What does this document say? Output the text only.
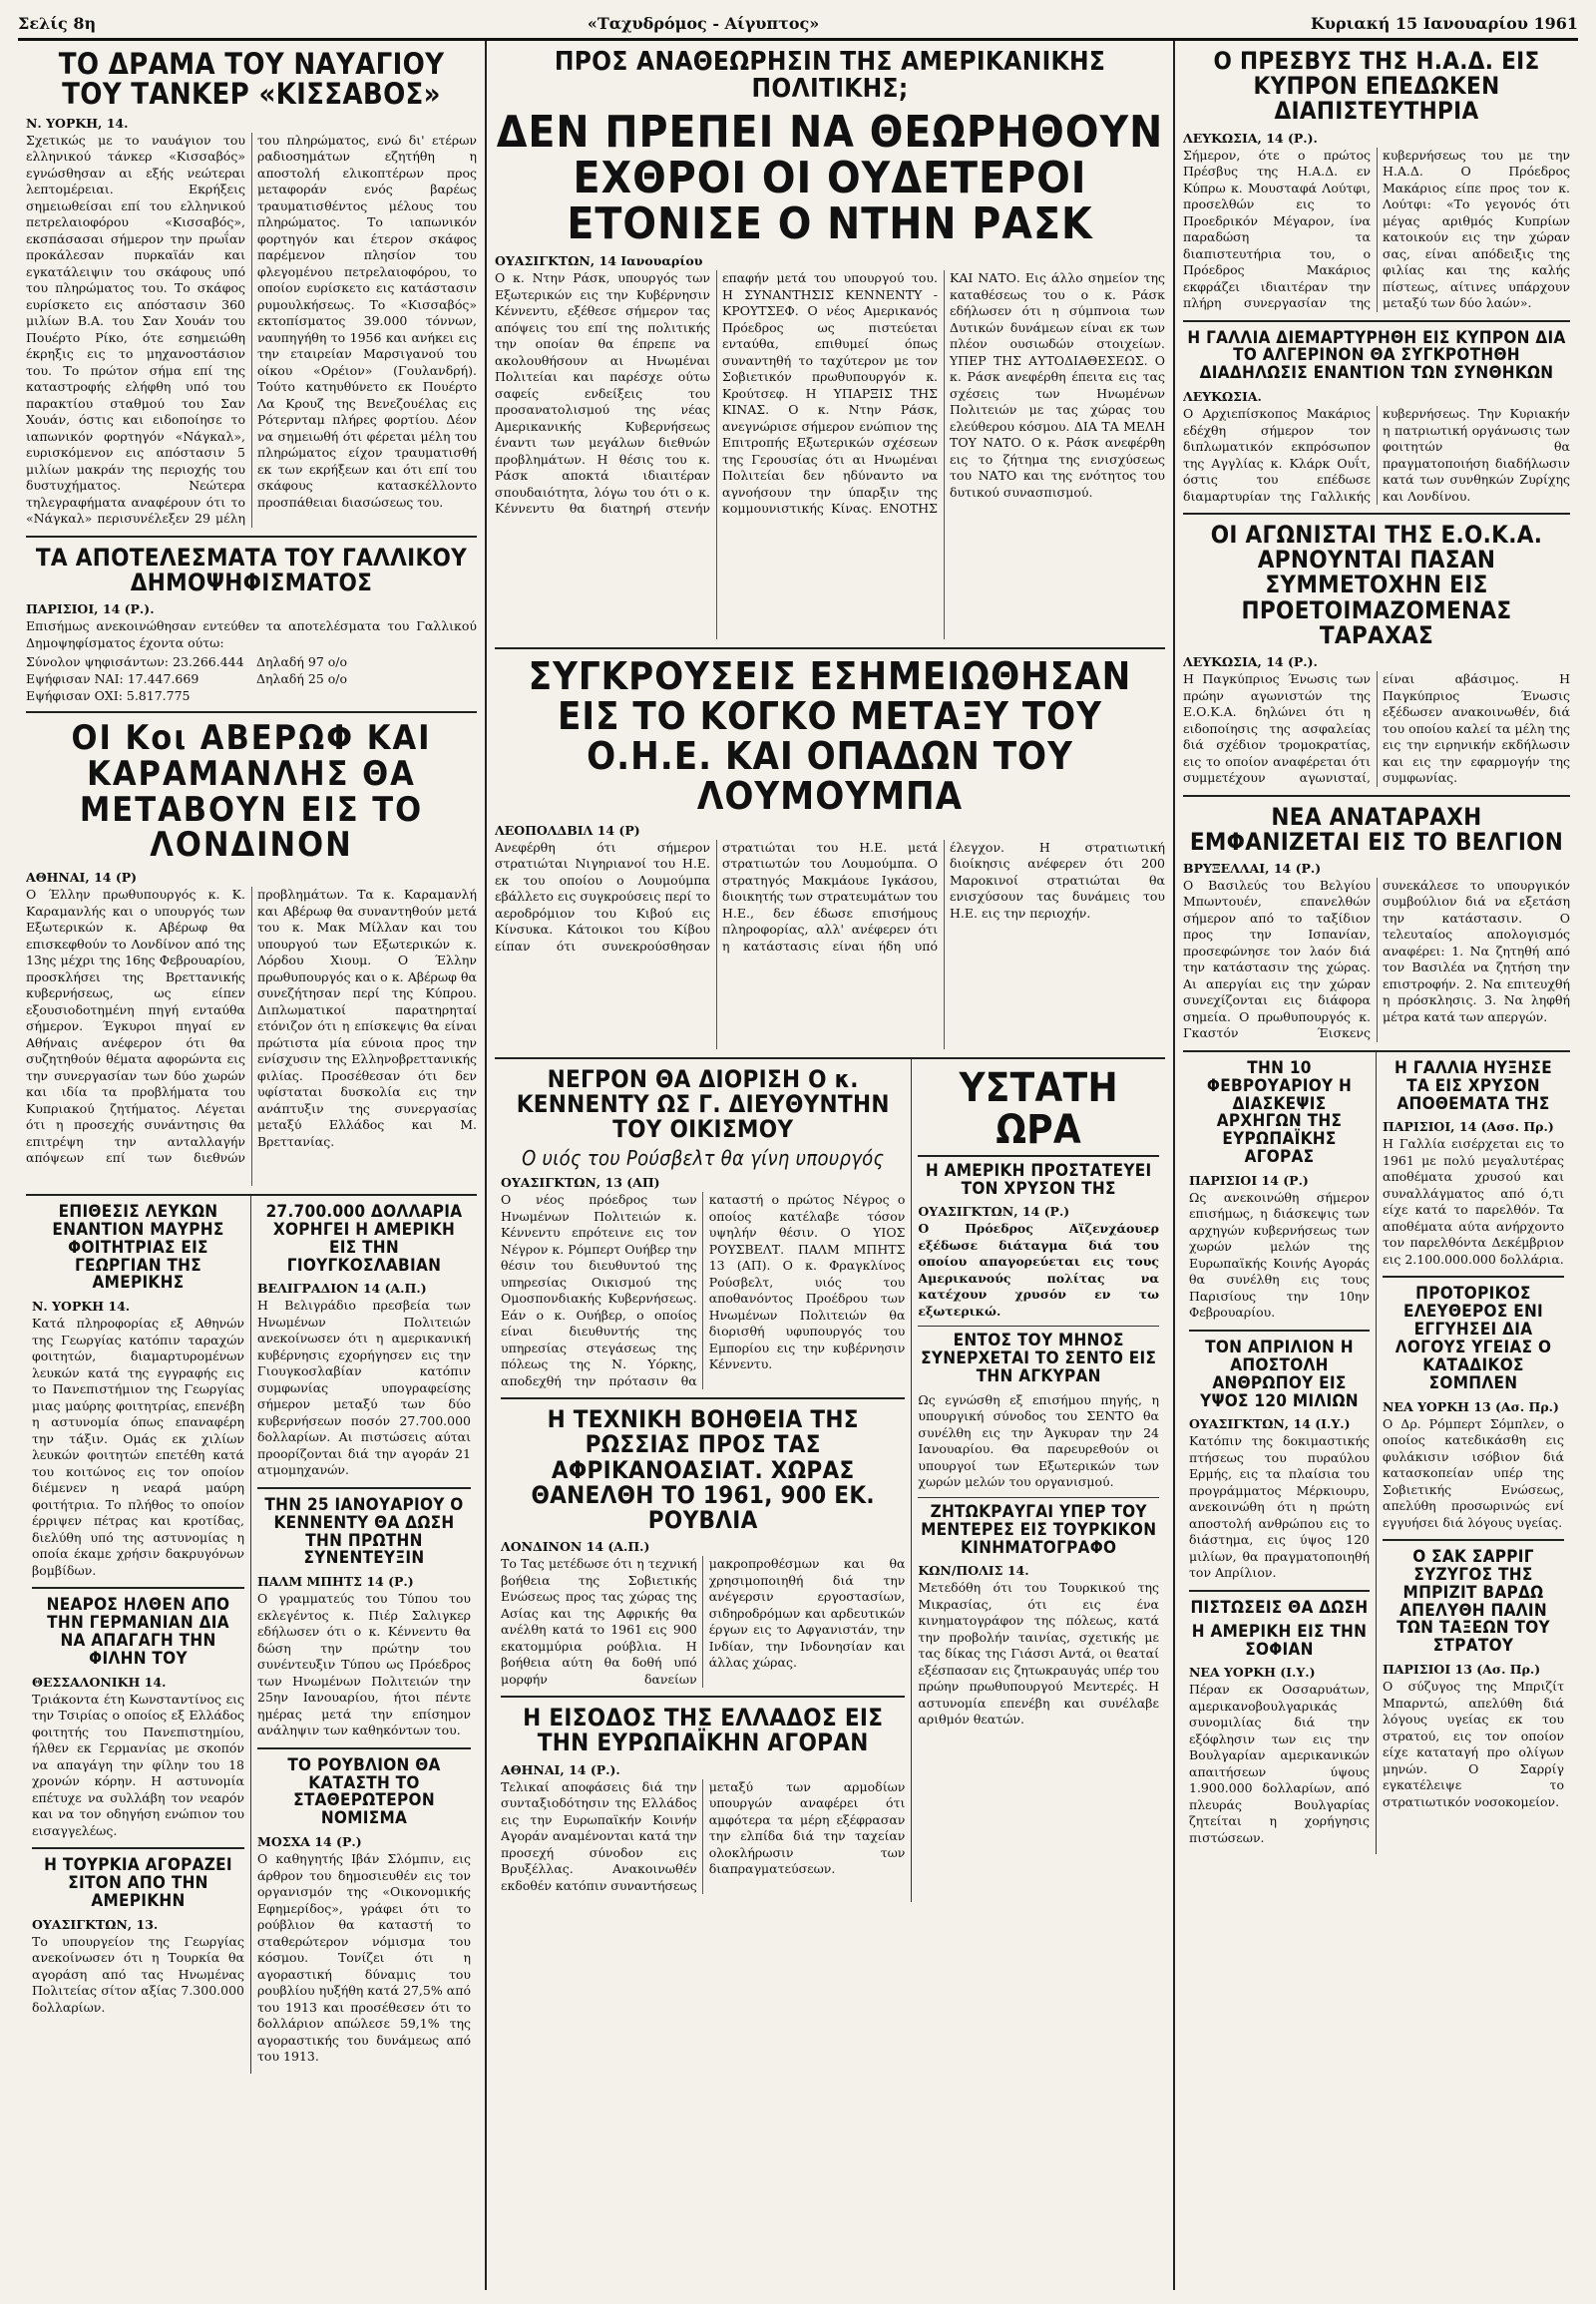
Σελίς 8η	«Ταχυδρόμος - Αίγυπτος»	Κυριακή 15 Ιανουαρίου 1961
ΤΟ ΔΡΑΜΑ ΤΟΥ ΝΑΥΑΓΙΟΥ ΤΟΥ ΤΑΝΚΕΡ «ΚΙΣΣΑΒΟΣ»
Ν. ΥΟΡΚΗ, 14.

Σχετικώς με το ναυάγιον του ελληνικού τάνκερ «Κισσαβός» εγνώσθησαν αι εξής νεώτεραι λεπτομέρειαι. Εκρήξεις σημειωθείσαι επί του ελληνικού πετρελαιοφόρου «Κισσαβός», εκσπάσασαι σήμερον την πρωΐαν προκάλεσαν πυρκαϊάν και εγκατάλειψιν του σκάφους υπό του πληρώματος του. Το σκάφος ευρίσκετο εις απόστασιν 360 μιλίων Β.Α. του Σαν Χουάν του Πουέρτο Ρίκο, ότε εσημειώθη έκρηξις εις το μηχανοστάσιον του. Το πρώτον σήμα επί της καταστροφής ελήφθη υπό του παρακτίου σταθμού του Σαν Χουάν, όστις και ειδοποίησε το ιαπωνικόν φορτηγόν «Νάγκαλ», ευρισκόμενον εις απόστασιν 5 μιλίων μακράν της περιοχής του δυστυχήματος. Νεώτερα τηλεγραφήματα αναφέρουν ότι το «Νάγκαλ» περισυνέλεξεν 29 μέλη του πληρώματος, ενώ δι' ετέρων ραδιοσημάτων εζητήθη η αποστολή ελικοπτέρων προς μεταφοράν ενός βαρέως τραυματισθέντος μέλους του πληρώματος. Το ιαπωνικόν φορτηγόν και έτερον σκάφος παρέμενον πλησίον του φλεγομένου πετρελαιοφόρου, το οποίον ευρίσκετο εις κατάστασιν ρυμουλκήσεως. Το «Κισσαβός» εκτοπίσματος 39.000 τόννων, ναυπηγήθη το 1956 και ανήκει εις την εταιρείαν Μαρσιγανού του οίκου «Ορέιον» (Γουλανδρή). Τούτο κατηυθύνετο εκ Πουέρτο Λα Κρουζ της Βενεζουέλας εις Ρότερνταμ πλήρες φορτίου. Δέον να σημειωθή ότι φέρεται μέλη του πληρώματος είχον τραυματισθή εκ των εκρήξεων και ότι επί του σκάφους κατασκέλλοντο προσπάθειαι διασώσεως του.

ΤΑ ΑΠΟΤΕΛΕΣΜΑΤΑ ΤΟΥ ΓΑΛΛΙΚΟΥ ΔΗΜΟΨΗΦΙΣΜΑΤΟΣ
ΠΑΡΙΣΙΟΙ, 14 (Ρ.).

Επισήμως ανεκοινώθησαν εντεύθεν τα αποτελέσματα του Γαλλικού Δημοψηφίσματος έχοντα ούτω:

Σύνολον ψηφισάντων: 23.266.444 Δηλαδή 97 ο/ο
Εψήφισαν ΝΑΙ: 17.447.669	Δηλαδή 25 ο/ο
Εψήφισαν ΟΧΙ: 5.817.775
ΟΙ Κοι ΑΒΕΡΩΦ ΚΑΙ ΚΑΡΑΜΑΝΛΗΣ ΘΑ ΜΕΤΑΒΟΥΝ ΕΙΣ ΤΟ ΛΟΝΔΙΝΟΝ
ΑΘΗΝΑΙ, 14 (Ρ)

Ο Έλλην πρωθυπουργός κ. Κ. Καραμανλής και ο υπουργός των Εξωτερικών κ. Αβέρωφ θα επισκεφθούν το Λονδίνον από της 13ης μέχρι της 16ης Φεβρουαρίου, προσκλήσει της Βρεττανικής κυβερνήσεως, ως είπεν εξουσιοδοτημένη πηγή ενταύθα σήμερον. Έγκυροι πηγαί εν Αθήναις ανέφερον ότι θα συζητηθούν θέματα αφορώντα εις την συνεργασίαν των δύο χωρών και ιδία τα προβλήματα του Κυπριακού ζητήματος. Λέγεται ότι η προσεχής συνάντησις θα επιτρέψη την ανταλλαγήν απόψεων επί των διεθνών προβλημάτων. Τα κ. Καραμανλή και Αβέρωφ θα συναντηθούν μετά του κ. Μακ Μίλλαν και του υπουργού των Εξωτερικών κ. Λόρδου Χιουμ. Ο Έλλην πρωθυπουργός και ο κ. Αβέρωφ θα συνεζήτησαν περί της Κύπρου. Διπλωματικοί παρατηρηταί ετόνιζον ότι η επίσκεψις θα είναι πρώτιστα μία εύνοια προς την ενίσχυσιν της Ελληνοβρεττανικής φιλίας. Προσέθεσαν ότι δεν υφίσταται δυσκολία εις την ανάπτυξιν της συνεργασίας μεταξύ Ελλάδος και Μ. Βρεττανίας.

ΕΠΙΘΕΣΙΣ ΛΕΥΚΩΝ ΕΝΑΝΤΙΟΝ ΜΑΥΡΗΣ ΦΟΙΤΗΤΡΙΑΣ ΕΙΣ ΓΕΩΡΓΙΑΝ ΤΗΣ ΑΜΕΡΙΚΗΣ
Ν. ΥΟΡΚΗ 14.

Κατά πληροφορίας εξ Αθηνών της Γεωργίας κατόπιν ταραχών φοιτητών, διαμαρτυρομένων λευκών κατά της εγγραφής εις το Πανεπιστήμιον της Γεωργίας μιας μαύρης φοιτητρίας, επενέβη η αστυνομία όπως επαναφέρη την τάξιν. Ομάς εκ χιλίων λευκών φοιτητών επετέθη κατά του κοιτώνος εις τον οποίον διέμενεν η νεαρά μαύρη φοιτήτρια. Το πλήθος το οποίον έρριψεν πέτρας και κροτίδας, διελύθη υπό της αστυνομίας η οποία έκαμε χρήσιν δακρυγόνων βομβίδων.

ΝΕΑΡΟΣ ΗΛΘΕΝ ΑΠΟ ΤΗΝ ΓΕΡΜΑΝΙΑΝ ΔΙΑ ΝΑ ΑΠΑΓΑΓΗ ΤΗΝ ΦΙΛΗΝ ΤΟΥ
ΘΕΣΣΑΛΟΝΙΚΗ 14.

Τριάκοντα έτη Κωνσταντίνος εις την Τσιρίας ο οποίος εξ Ελλάδος φοιτητής του Πανεπιστημίου, ήλθεν εκ Γερμανίας με σκοπόν να απαγάγη την φίλην του 18 χρονών κόρην. Η αστυνομία επέτυχε να συλλάβη τον νεαρόν και να τον οδηγήση ενώπιον του εισαγγελέως.

Η ΤΟΥΡΚΙΑ ΑΓΟΡΑΖΕΙ ΣΙΤΟΝ ΑΠΟ ΤΗΝ ΑΜΕΡΙΚΗΝ
ΟΥΑΣΙΓΚΤΩΝ, 13.

Το υπουργείον της Γεωργίας ανεκοίνωσεν ότι η Τουρκία θα αγοράση από τας Ηνωμένας Πολιτείας σίτον αξίας 7.300.000 δολλαρίων.

27.700.000 ΔΟΛΛΑΡΙΑ ΧΟΡΗΓΕΙ Η ΑΜΕΡΙΚΗ ΕΙΣ ΤΗΝ ΓΙΟΥΓΚΟΣΛΑΒΙΑΝ
ΒΕΛΙΓΡΑΔΙΟΝ 14 (Α.Π.)

Η Βελιγράδιο πρεσβεία των Ηνωμένων Πολιτειών ανεκοίνωσεν ότι η αμερικανική κυβέρνησις εχορήγησεν εις την Γιουγκοσλαβίαν κατόπιν συμφωνίας υπογραφείσης σήμερον μεταξύ των δύο κυβερνήσεων ποσόν 27.700.000 δολλαρίων. Αι πιστώσεις αύται προορίζονται διά την αγοράν 21 ατμομηχανών.

ΤΗΝ 25 ΙΑΝΟΥΑΡΙΟΥ Ο ΚΕΝΝΕΝΤΥ ΘΑ ΔΩΣΗ ΤΗΝ ΠΡΩΤΗΝ ΣΥΝΕΝΤΕΥΞΙΝ
ΠΑΛΜ ΜΠΗΤΣ 14 (Ρ.)

Ο γραμματεύς του Τύπου του εκλεγέντος κ. Πιέρ Σαλιγκερ εδήλωσεν ότι ο κ. Κέννεντυ θα δώση την πρώτην του συνέντευξιν Τύπου ως Πρόεδρος των Ηνωμένων Πολιτειών την 25ην Ιανουαρίου, ήτοι πέντε ημέρας μετά την επίσημον ανάληψιν των καθηκόντων του.

ΤΟ ΡΟΥΒΛΙΟΝ ΘΑ ΚΑΤΑΣΤΗ ΤΟ ΣΤΑΘΕΡΩΤΕΡΟΝ ΝΟΜΙΣΜΑ
ΜΟΣΧΑ 14 (Ρ.)

Ο καθηγητής Ιβάν Σλόμπιν, εις άρθρον του δημοσιευθέν εις τον οργανισμόν της «Οικονομικής Εφημερίδος», γράφει ότι το ρούβλιον θα καταστή το σταθερώτερον νόμισμα του κόσμου. Τονίζει ότι η αγοραστική δύναμις του ρουβλίου ηυξήθη κατά 27,5% από του 1913 και προσέθεσεν ότι το δολλάριον απώλεσε 59,1% της αγοραστικής του δυνάμεως από του 1913.

ΠΡΟΣ ΑΝΑΘΕΩΡΗΣΙΝ ΤΗΣ ΑΜΕΡΙΚΑΝΙΚΗΣ ΠΟΛΙΤΙΚΗΣ;
ΔΕΝ ΠΡΕΠΕΙ ΝΑ ΘΕΩΡΗΘΟΥΝ ΕΧΘΡΟΙ ΟΙ ΟΥΔΕΤΕΡΟΙ ΕΤΟΝΙΣΕ Ο ΝΤΗΝ ΡΑΣΚ
ΟΥΑΣΙΓΚΤΩΝ, 14 Ιανουαρίου

Ο κ. Ντην Ράσκ, υπουργός των Εξωτερικών εις την Κυβέρνησιν Κέννεντυ, εξέθεσε σήμερον τας απόψεις του επί της πολιτικής την οποίαν θα έπρεπε να ακολουθήσουν αι Ηνωμέναι Πολιτείαι και παρέσχε ούτω σαφείς ενδείξεις του προσανατολισμού της νέας Αμερικανικής Κυβερνήσεως έναντι των μεγάλων διεθνών προβλημάτων. Η θέσις του κ. Ράσκ αποκτά ιδιαιτέραν σπουδαιότητα, λόγω του ότι ο κ. Κέννεντυ θα διατηρή στενήν επαφήν μετά του υπουργού του. Η ΣΥΝΑΝΤΗΣΙΣ ΚΕΝΝΕΝΤΥ - ΚΡΟΥΤΣΕΦ. Ο νέος Αμερικανός Πρόεδρος ως πιστεύεται ενταύθα, επιθυμεί όπως συναντηθή το ταχύτερον με τον Σοβιετικόν πρωθυπουργόν κ. Κρούτσεφ. Η ΥΠΑΡΞΙΣ ΤΗΣ ΚΙΝΑΣ. Ο κ. Ντην Ράσκ, ανεγνώρισε σήμερον ενώπιον της Επιτροπής Εξωτερικών σχέσεων της Γερουσίας ότι αι Ηνωμέναι Πολιτείαι δεν ηδύναντο να αγνοήσουν την ύπαρξιν της κομμουνιστικής Κίνας. ΕΝΟΤΗΣ ΚΑΙ ΝΑΤΟ. Εις άλλο σημείον της καταθέσεως του ο κ. Ράσκ εδήλωσεν ότι η σύμπνοια των Δυτικών δυνάμεων είναι εκ των πλέον ουσιωδών στοιχείων. ΥΠΕΡ ΤΗΣ ΑΥΤΟΔΙΑΘΕΣΕΩΣ. Ο κ. Ράσκ ανεφέρθη έπειτα εις τας σχέσεις των Ηνωμένων Πολιτειών με τας χώρας του ελεύθερου κόσμου. ΔΙΑ ΤΑ ΜΕΛΗ ΤΟΥ ΝΑΤΟ. Ο κ. Ράσκ ανεφέρθη εις το ζήτημα της ενισχύσεως του ΝΑΤΟ και της ενότητος του δυτικού συνασπισμού.

ΣΥΓΚΡΟΥΣΕΙΣ ΕΣΗΜΕΙΩΘΗΣΑΝ ΕΙΣ ΤΟ ΚΟΓΚΟ ΜΕΤΑΞΥ ΤΟΥ Ο.Η.Ε. ΚΑΙ ΟΠΑΔΩΝ ΤΟΥ ΛΟΥΜΟΥΜΠΑ
ΛΕΟΠΟΛΔΒΙΛ 14 (Ρ)

Ανεφέρθη ότι σήμερον στρατιώται Νιγηριανοί του Η.Ε. εκ του οποίου ο Λουμούμπα εβάλλετο εις συγκρούσεις περί το αεροδρόμιον του Κιβού εις Κίνσυκα. Κάτοικοι του Κίβου είπαν ότι συνεκρούσθησαν στρατιώται του Η.Ε. μετά στρατιωτών του Λουμούμπα. Ο στρατηγός Μακμάουε Ιγκάσου, διοικητής των στρατευμάτων του Η.Ε., δεν έδωσε επισήμους πληροφορίας, αλλ' ανέφερεν ότι η κατάστασις είναι ήδη υπό έλεγχον. Η στρατιωτική διοίκησις ανέφερεν ότι 200 Μαροκινοί στρατιώται θα ενισχύσουν τας δυνάμεις του Η.Ε. εις την περιοχήν.

ΝΕΓΡΟΝ ΘΑ ΔΙΟΡΙΣΗ Ο κ. ΚΕΝΝΕΝΤΥ ΩΣ Γ. ΔΙΕΥΘΥΝΤΗΝ ΤΟΥ ΟΙΚΙΣΜΟΥ
Ο υιός του Ρούσβελτ θα γίνη υπουργός
ΟΥΑΣΙΓΚΤΩΝ, 13 (ΑΠ)

Ο νέος πρόεδρος των Ηνωμένων Πολιτειών κ. Κέννεντυ επρότεινε εις τον Νέγρον κ. Ρόμπερτ Ουήβερ την θέσιν του διευθυντού της υπηρεσίας Οικισμού της Ομοσπονδιακής Κυβερνήσεως. Εάν ο κ. Ουήβερ, ο οποίος είναι διευθυντής της υπηρεσίας στεγάσεως της πόλεως της Ν. Υόρκης, αποδεχθή την πρότασιν θα καταστή ο πρώτος Νέγρος ο οποίος κατέλαβε τόσον υψηλήν θέσιν. Ο ΥΙΟΣ ΡΟΥΣΒΕΛΤ. ΠΑΛΜ ΜΠΗΤΣ 13 (ΑΠ). Ο κ. Φραγκλίνος Ρούσβελτ, υιός του αποθανόντος Προέδρου των Ηνωμένων Πολιτειών θα διορισθή υφυπουργός του Εμπορίου εις την κυβέρνησιν Κέννεντυ.

Η ΤΕΧΝΙΚΗ ΒΟΗΘΕΙΑ ΤΗΣ ΡΩΣΣΙΑΣ ΠΡΟΣ ΤΑΣ ΑΦΡΙΚΑΝΟΑΣΙΑΤ. ΧΩΡΑΣ ΘΑΝΕΛΘΗ ΤΟ 1961, 900 ΕΚ. ΡΟΥΒΛΙΑ
ΛΟΝΔΙΝΟΝ 14 (Α.Π.)

Το Τας μετέδωσε ότι η τεχνική βοήθεια της Σοβιετικής Ενώσεως προς τας χώρας της Ασίας και της Αφρικής θα ανέλθη κατά το 1961 εις 900 εκατομμύρια ρούβλια. Η βοήθεια αύτη θα δοθή υπό μορφήν δανείων μακροπροθέσμων και θα χρησιμοποιηθή διά την ανέγερσιν εργοστασίων, σιδηροδρόμων και αρδευτικών έργων εις το Αφγανιστάν, την Ινδίαν, την Ινδονησίαν και άλλας χώρας.

Η ΕΙΣΟΔΟΣ ΤΗΣ ΕΛΛΑΔΟΣ ΕΙΣ ΤΗΝ ΕΥΡΩΠΑΪΚΗΝ ΑΓΟΡΑΝ
ΑΘΗΝΑΙ, 14 (Ρ.).

Τελικαί αποφάσεις διά την συνταξιοδότησιν της Ελλάδος εις την Ευρωπαϊκήν Κοινήν Αγοράν αναμένονται κατά την προσεχή σύνοδον εις Βρυξέλλας. Ανακοινωθέν εκδοθέν κατόπιν συναντήσεως μεταξύ των αρμοδίων υπουργών αναφέρει ότι αμφότερα τα μέρη εξέφρασαν την ελπίδα διά την ταχείαν ολοκλήρωσιν των διαπραγματεύσεων.

ΥΣΤΑΤΗ ΩΡΑ
Η ΑΜΕΡΙΚΗ ΠΡΟΣΤΑΤΕΥΕΙ ΤΟΝ ΧΡΥΣΟΝ ΤΗΣ
ΟΥΑΣΙΓΚΤΩΝ, 14 (Ρ.)

Ο Πρόεδρος Αϊζενχάουερ εξέδωσε διάταγμα διά του οποίου απαγορεύεται εις τους Αμερικανούς πολίτας να κατέχουν χρυσόν εν τω εξωτερικώ.

ΕΝΤΟΣ ΤΟΥ ΜΗΝΟΣ ΣΥΝΕΡΧΕΤΑΙ ΤΟ ΣΕΝΤΟ ΕΙΣ ΤΗΝ ΑΓΚΥΡΑΝ

Ως εγνώσθη εξ επισήμου πηγής, η υπουργική σύνοδος του ΣΕΝΤΟ θα συνέλθη εις την Άγκυραν την 24 Ιανουαρίου. Θα παρευρεθούν οι υπουργοί των Εξωτερικών των χωρών μελών του οργανισμού.

ΖΗΤΩΚΡΑΥΓΑΙ ΥΠΕΡ ΤΟΥ ΜΕΝΤΕΡΕΣ ΕΙΣ ΤΟΥΡΚΙΚΟΝ ΚΙΝΗΜΑΤΟΓΡΑΦΟ
ΚΩΝ/ΠΟΛΙΣ 14.

Μετεδόθη ότι του Τουρκικού της Μικρασίας, ότι εις ένα κινηματογράφον της πόλεως, κατά την προβολήν ταινίας, σχετικής με τας δίκας της Γιάσσι Αντά, οι θεαταί εξέσπασαν εις ζητωκραυγάς υπέρ του πρώην πρωθυπουργού Μεντερές. Η αστυνομία επενέβη και συνέλαβε αριθμόν θεατών.

Ο ΠΡΕΣΒΥΣ ΤΗΣ Η.Α.Δ. ΕΙΣ ΚΥΠΡΟΝ ΕΠΕΔΩΚΕΝ ΔΙΑΠΙΣΤΕΥΤΗΡΙΑ
ΛΕΥΚΩΣΙΑ, 14 (Ρ.).

Σήμερον, ότε ο πρώτος Πρέσβυς της Η.Α.Δ. εν Κύπρω κ. Μουσταφά Λούτφι, προσελθών εις το Προεδρικόν Μέγαρον, ίνα παραδώση τα διαπιστευτήρια του, ο Πρόεδρος Μακάριος εκφράζει ιδιαιτέραν την πλήρη συνεργασίαν της κυβερνήσεως του με την Η.Α.Δ. Ο Πρόεδρος Μακάριος είπε προς τον κ. Λούτφι: «Το γεγονός ότι μέγας αριθμός Κυπρίων κατοικούν εις την χώραν σας, είναι απόδειξις της φιλίας και της καλής πίστεως, αίτινες υπάρχουν μεταξύ των δύο λαών».

Η ΓΑΛΛΙΑ ΔΙΕΜΑΡΤΥΡΗΘΗ ΕΙΣ ΚΥΠΡΟΝ ΔΙΑ ΤΟ ΑΛΓΕΡΙΝΟΝ ΘΑ ΣΥΓΚΡΟΤΗΘΗ ΔΙΑΔΗΛΩΣΙΣ ΕΝΑΝΤΙΟΝ ΤΩΝ ΣΥΝΘΗΚΩΝ
ΛΕΥΚΩΣΙΑ.

Ο Αρχιεπίσκοπος Μακάριος εδέχθη σήμερον τον διπλωματικόν εκπρόσωπον της Αγγλίας κ. Κλάρκ Ουΐτ, όστις του επέδωσε διαμαρτυρίαν της Γαλλικής κυβερνήσεως. Την Κυριακήν η πατριωτική οργάνωσις των φοιτητών θα πραγματοποιήση διαδήλωσιν κατά των συνθηκών Ζυρίχης και Λονδίνου.

ΟΙ ΑΓΩΝΙΣΤΑΙ ΤΗΣ Ε.Ο.Κ.Α. ΑΡΝΟΥΝΤΑΙ ΠΑΣΑΝ ΣΥΜΜΕΤΟΧΗΝ ΕΙΣ ΠΡΟΕΤΟΙΜΑΖΟΜΕΝΑΣ ΤΑΡΑΧΑΣ
ΛΕΥΚΩΣΙΑ, 14 (Ρ.).

Η Παγκύπριος Ένωσις των πρώην αγωνιστών της Ε.Ο.Κ.Α. δηλώνει ότι η ειδοποίησις της ασφαλείας διά σχέδιον τρομοκρατίας, εις το οποίον αναφέρεται ότι συμμετέχουν αγωνισταί, είναι αβάσιμος. Η Παγκύπριος Ένωσις εξέδωσεν ανακοινωθέν, διά του οποίου καλεί τα μέλη της εις την ειρηνικήν εκδήλωσιν και εις την εφαρμογήν της συμφωνίας.

ΝΕΑ ΑΝΑΤΑΡΑΧΗ ΕΜΦΑΝΙΖΕΤΑΙ ΕΙΣ ΤΟ ΒΕΛΓΙΟΝ
ΒΡΥΞΕΛΛΑΙ, 14 (Ρ.)

Ο Βασιλεύς του Βελγίου Μπωντουέν, επανελθών σήμερον από το ταξίδιον προς την Ισπανίαν, προσεφώνησε τον λαόν διά την κατάστασιν της χώρας. Αι απεργίαι εις την χώραν συνεχίζονται εις διάφορα σημεία. Ο πρωθυπουργός κ. Γκαστόν Έισκενς συνεκάλεσε το υπουργικόν συμβούλιον διά να εξετάση την κατάστασιν. Ο τελευταίος απολογισμός αναφέρει: 1. Να ζητηθή από τον Βασιλέα να ζητήση την επιστροφήν. 2. Να επιτευχθή η πρόσκλησις. 3. Να ληφθή μέτρα κατά των απεργών.

ΤΗΝ 10 ΦΕΒΡΟΥΑΡΙΟΥ Η ΔΙΑΣΚΕΨΙΣ ΑΡΧΗΓΩΝ ΤΗΣ ΕΥΡΩΠΑΪΚΗΣ ΑΓΟΡΑΣ
ΠΑΡΙΣΙΟΙ 14 (Ρ.)

Ως ανεκοινώθη σήμερον επισήμως, η διάσκεψις των αρχηγών κυβερνήσεως των χωρών μελών της Ευρωπαϊκής Κοινής Αγοράς θα συνέλθη εις τους Παρισίους την 10ην Φεβρουαρίου.

ΤΟΝ ΑΠΡΙΛΙΟΝ Η ΑΠΟΣΤΟΛΗ ΑΝΘΡΩΠΟΥ ΕΙΣ ΥΨΟΣ 120 ΜΙΛΙΩΝ
ΟΥΑΣΙΓΚΤΩΝ, 14 (Ι.Υ.)

Κατόπιν της δοκιμαστικής πτήσεως του πυραύλου Ερμής, εις τα πλαίσια του προγράμματος Μέρκιουρυ, ανεκοινώθη ότι η πρώτη αποστολή ανθρώπου εις το διάστημα, εις ύψος 120 μιλίων, θα πραγματοποιηθή τον Απρίλιον.

ΠΙΣΤΩΣΕΙΣ ΘΑ ΔΩΣΗ
Η ΑΜΕΡΙΚΗ ΕΙΣ ΤΗΝ ΣΟΦΙΑΝ
ΝΕΑ ΥΟΡΚΗ (Ι.Υ.)

Πέραν εκ Οσσαρυάτων, αμερικανοβουλγαρικάς συνομιλίας διά την εξόφλησιν των εις την Βουλγαρίαν αμερικανικών απαιτήσεων ύψους 1.900.000 δολλαρίων, από πλευράς Βουλγαρίας ζητείται η χορήγησις πιστώσεων.

Η ΓΑΛΛΙΑ ΗΥΞΗΣΕ ΤΑ ΕΙΣ ΧΡΥΣΟΝ ΑΠΟΘΕΜΑΤΑ ΤΗΣ
ΠΑΡΙΣΙΟΙ, 14 (Ασσ. Πρ.)

Η Γαλλία εισέρχεται εις το 1961 με πολύ μεγαλυτέρας αποθέματα χρυσού και συναλλάγματος από ό,τι είχε κατά το παρελθόν. Τα αποθέματα αύτα ανήρχοντο τον παρελθόντα Δεκέμβριον εις 2.100.000.000 δολλάρια.

ΠΡΟΤΟΡΙΚΟΣ ΕΛΕΥΘΕΡΟΣ ΕΝΙ ΕΓΓΥΗΣΕΙ ΔΙΑ ΛΟΓΟΥΣ ΥΓΕΙΑΣ Ο ΚΑΤΑΔΙΚΟΣ ΣΟΜΠΛΕΝ
ΝΕΑ ΥΟΡΚΗ 13 (Ασ. Πρ.)

Ο Δρ. Ρόμπερτ Σόμπλεν, ο οποίος κατεδικάσθη εις φυλάκισιν ισόβιον διά κατασκοπείαν υπέρ της Σοβιετικής Ενώσεως, απελύθη προσωρινώς ενί εγγυήσει διά λόγους υγείας.

Ο ΣΑΚ ΣΑΡΡΙΓ ΣΥΖΥΓΟΣ ΤΗΣ ΜΠΡΙΖΙΤ ΒΑΡΔΩ ΑΠΕΛΥΘΗ ΠΑΛΙΝ ΤΩΝ ΤΑΞΕΩΝ ΤΟΥ ΣΤΡΑΤΟΥ
ΠΑΡΙΣΙΟΙ 13 (Ασ. Πρ.)

Ο σύζυγος της Μπριζίτ Μπαρντώ, απελύθη διά λόγους υγείας εκ του στρατού, εις τον οποίον είχε καταταγή προ ολίγων μηνών. Ο Σαρρίγ εγκατέλειψε το στρατιωτικόν νοσοκομείον.
